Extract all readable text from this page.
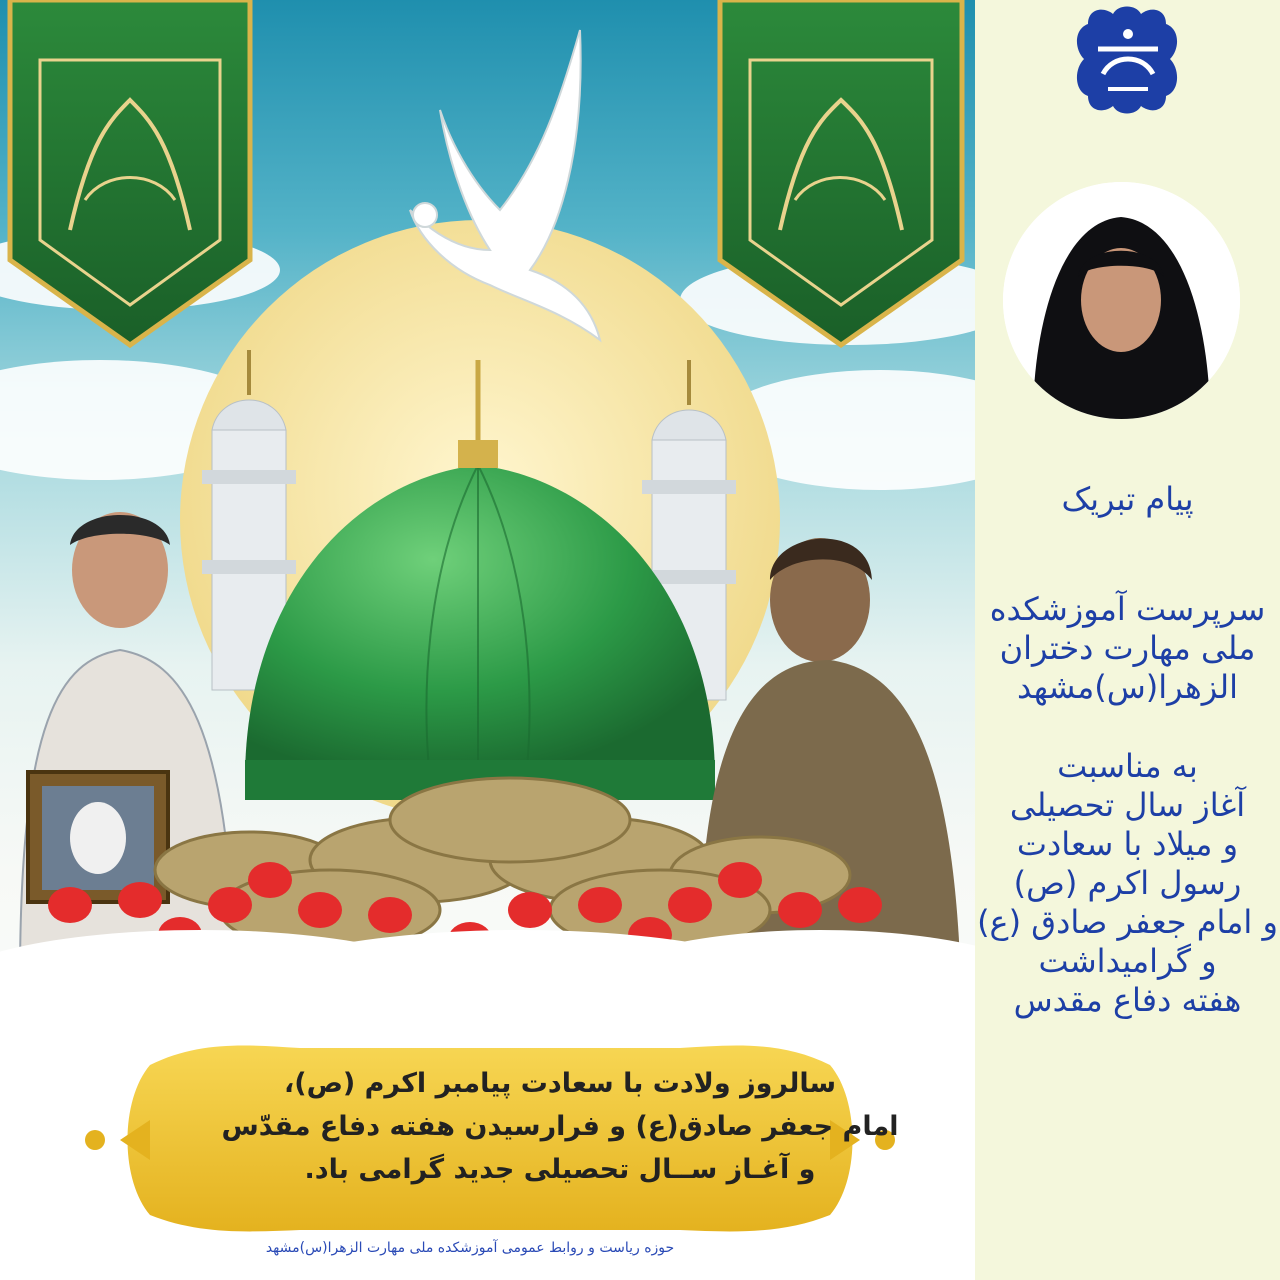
سالروز ولادت با سعادت پیامبر اکرم (ص)،
امام جعفر صادق(ع) و فرارسیدن هفته دفاع مقدّس
و آغـاز ســال تحصیلی جدید گرامی باد.
حوزه ریاست و روابط عمومی آموزشکده ملی مهارت الزهرا(س)مشهد
پیام تبریک
سرپرست آموزشکده
ملی مهارت دختران
الزهرا(س)مشهد
به مناسبت
آغاز سال تحصیلی
و میلاد با سعادت
رسول اکرم (ص)
و امام جعفر صادق (ع)
و گرامیداشت
هفته دفاع مقدس
